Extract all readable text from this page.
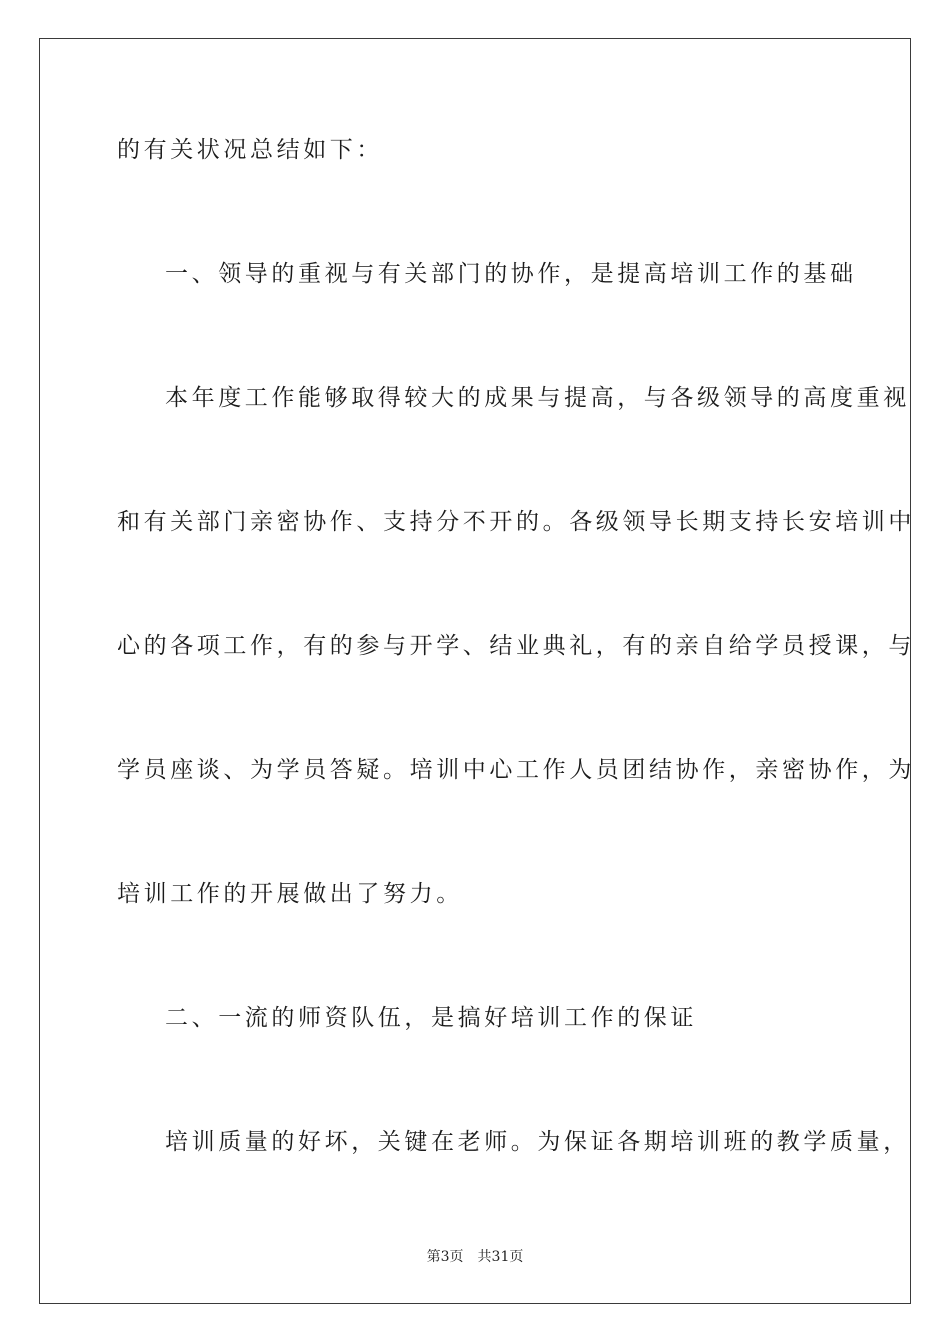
的有关状况总结如下：
一、领导的重视与有关部门的协作，是提高培训工作的基础
本年度工作能够取得较大的成果与提高，与各级领导的高度重视
和有关部门亲密协作、支持分不开的。各级领导长期支持长安培训中
心的各项工作，有的参与开学、结业典礼，有的亲自给学员授课，与
学员座谈、为学员答疑。培训中心工作人员团结协作，亲密协作，为
培训工作的开展做出了努力。
二、一流的师资队伍，是搞好培训工作的保证
培训质量的好坏，关键在老师。为保证各期培训班的教学质量，
第3页 共31页
